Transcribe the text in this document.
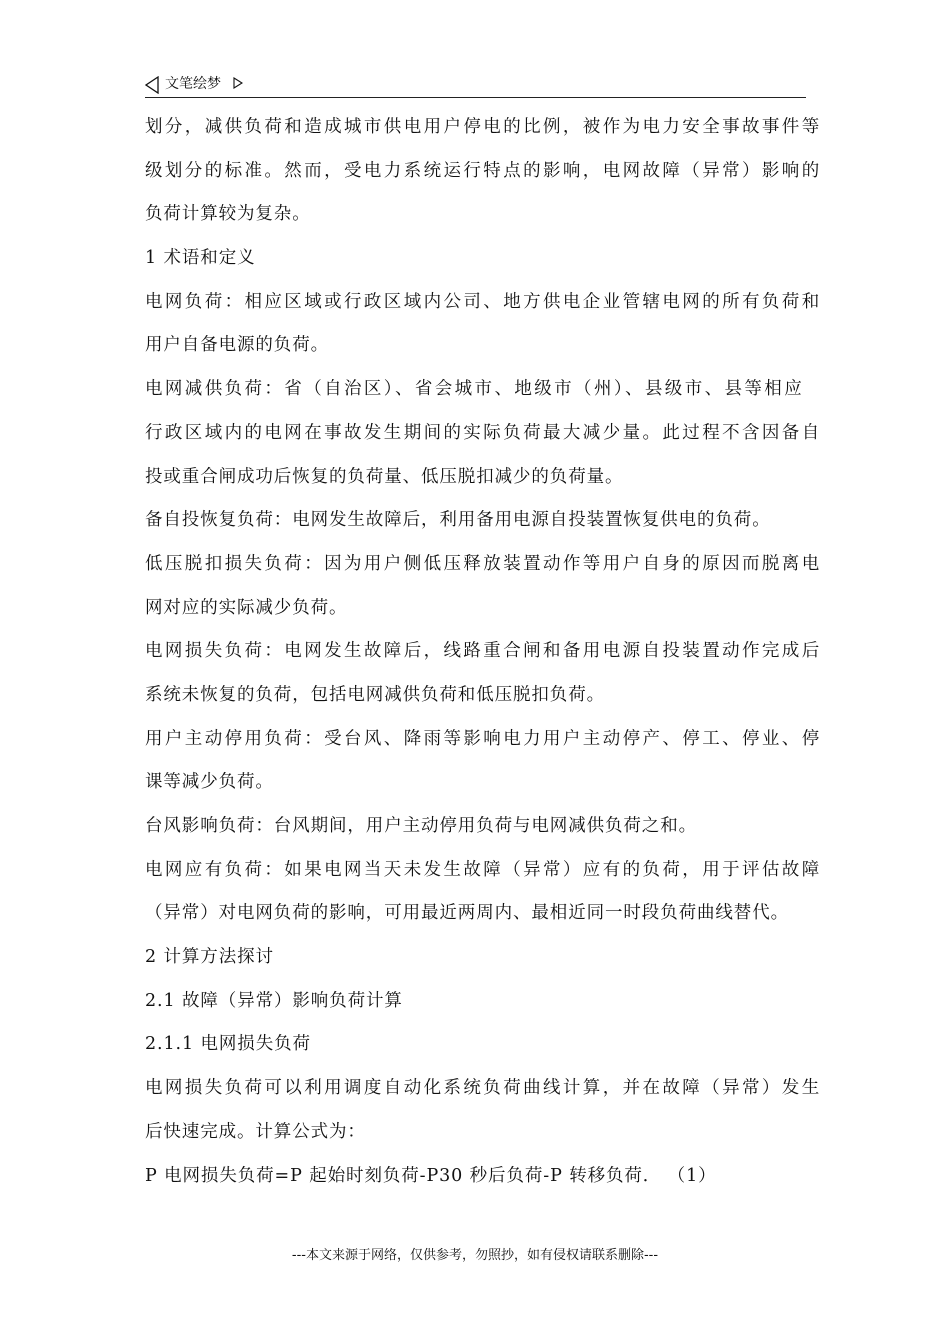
文笔绘梦
划分，减供负荷和造成城市供电用户停电的比例，被作为电力安全事故事件等
级划分的标准。然而，受电力系统运行特点的影响，电网故障（异常）影响的
负荷计算较为复杂。
1 术语和定义
电网负荷：相应区域或行政区域内公司、地方供电企业管辖电网的所有负荷和
用户自备电源的负荷。
电网减供负荷：省（自治区）、省会城市、地级市（州）、县级市、县等相应
行政区域内的电网在事故发生期间的实际负荷最大减少量。此过程不含因备自
投或重合闸成功后恢复的负荷量、低压脱扣减少的负荷量。
备自投恢复负荷：电网发生故障后，利用备用电源自投装置恢复供电的负荷。
低压脱扣损失负荷：因为用户侧低压释放装置动作等用户自身的原因而脱离电
网对应的实际减少负荷。
电网损失负荷：电网发生故障后，线路重合闸和备用电源自投装置动作完成后
系统未恢复的负荷，包括电网减供负荷和低压脱扣负荷。
用户主动停用负荷：受台风、降雨等影响电力用户主动停产、停工、停业、停
课等减少负荷。
台风影响负荷：台风期间，用户主动停用负荷与电网减供负荷之和。
电网应有负荷：如果电网当天未发生故障（异常）应有的负荷，用于评估故障
（异常）对电网负荷的影响，可用最近两周内、最相近同一时段负荷曲线替代。
2 计算方法探讨
2.1 故障（异常）影响负荷计算
2.1.1 电网损失负荷
电网损失负荷可以利用调度自动化系统负荷曲线计算，并在故障（异常）发生
后快速完成。计算公式为：
P 电网损失负荷=P 起始时刻负荷-P30 秒后负荷-P 转移负荷． （1）
---本文来源于网络，仅供参考，勿照抄，如有侵权请联系删除---
